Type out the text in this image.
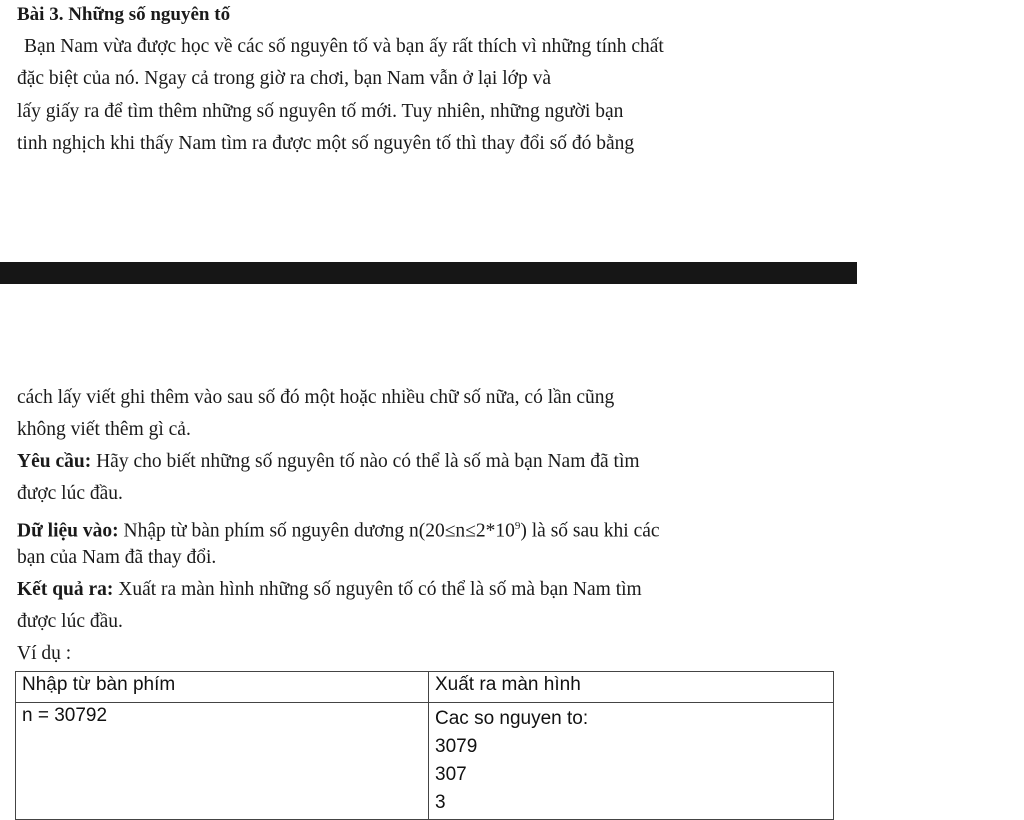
Bài 3. Những số nguyên tố
Bạn Nam vừa được học về các số nguyên tố và bạn ấy rất thích vì những tính chất
đặc biệt của nó. Ngay cả trong giờ ra chơi, bạn Nam vẫn ở lại lớp và
lấy giấy ra để tìm thêm những số nguyên tố mới. Tuy nhiên, những người bạn
tinh nghịch khi thấy Nam tìm ra được một số nguyên tố thì thay đổi số đó bằng
cách lấy viết ghi thêm vào sau số đó một hoặc nhiều chữ số nữa, có lần cũng
không viết thêm gì cả.
Yêu cầu: Hãy cho biết những số nguyên tố nào có thể là số mà bạn Nam đã tìm
được lúc đầu.
Dữ liệu vào: Nhập từ bàn phím số nguyên dương $n(20\le n\le 2*10^9)$ là số sau khi các
bạn của Nam đã thay đổi.
Kết quả ra: Xuất ra màn hình những số nguyên tố có thể là số mà bạn Nam tìm
được lúc đầu.
Ví dụ :
Nhập từ bàn phím	Xuất ra màn hình
n = 30792	Cac so nguyen to:
3079
307
3
